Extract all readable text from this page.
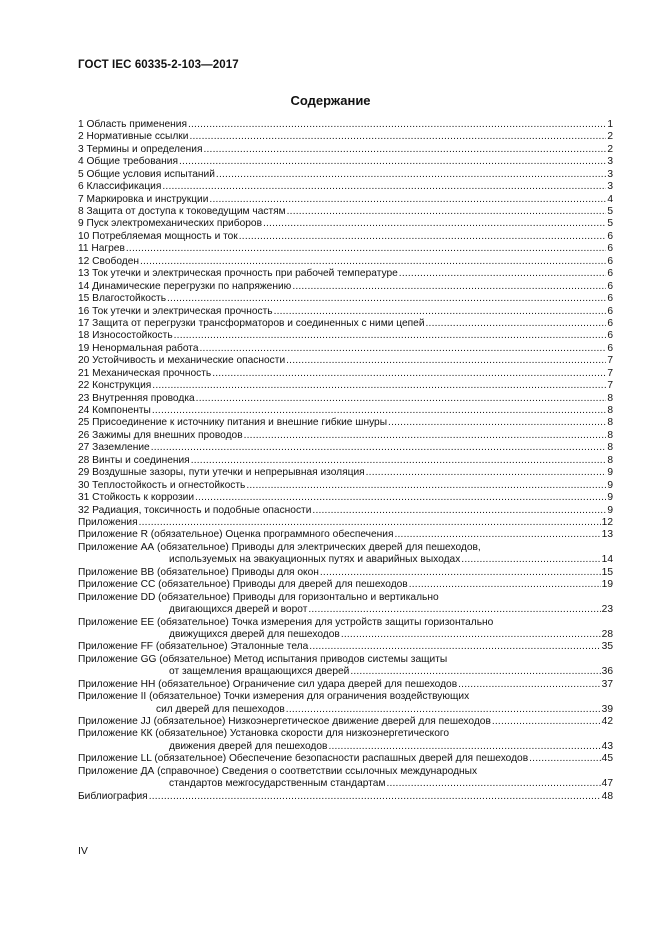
ГОСТ IEC 60335-2-103—2017
Содержание
1 Область применения .....	1
2 Нормативные ссылки .....	2
3 Термины и определения .....	2
4 Общие требования .....	3
5 Общие условия испытаний .....	3
6 Классификация .....	3
7 Маркировка и инструкции .....	4
8 Защита от доступа к токоведущим частям .....	5
9 Пуск электромеханических приборов .....	5
10 Потребляемая мощность и ток .....	6
11 Нагрев .....	6
12 Свободен .....	6
13 Ток утечки и электрическая прочность при рабочей температуре .....	6
14 Динамические перегрузки по напряжению .....	6
15 Влагостойкость .....	6
16 Ток утечки и электрическая прочность .....	6
17 Защита от перегрузки трансформаторов и соединенных с ними цепей .....	6
18 Износостойкость .....	6
19 Ненормальная работа .....	6
20 Устойчивость и механические опасности .....	7
21 Механическая прочность .....	7
22 Конструкция .....	7
23 Внутренняя проводка .....	8
24 Компоненты .....	8
25 Присоединение к источнику питания и внешние гибкие шнуры .....	8
26 Зажимы для внешних проводов .....	8
27 Заземление .....	8
28 Винты и соединения .....	8
29 Воздушные зазоры, пути утечки и непрерывная изоляция .....	9
30 Теплостойкость и огнестойкость .....	9
31 Стойкость к коррозии .....	9
32 Радиация, токсичность и подобные опасности .....	9
Приложения .....	12
Приложение R (обязательное) Оценка программного обеспечения .....	13
Приложение АА (обязательное) Приводы для электрических дверей для пешеходов,
используемых на эвакуационных путях и аварийных выходах .....	14
Приложение ВВ (обязательное) Приводы для окон .....	15
Приложение СС (обязательное) Приводы для дверей для пешеходов .....	19
Приложение DD (обязательное) Приводы для горизонтально и вертикально
двигающихся дверей и ворот .....	23
Приложение ЕЕ (обязательное) Точка измерения для устройств защиты горизонтально
движущихся дверей для пешеходов .....	28
Приложение FF (обязательное) Эталонные тела .....	35
Приложение GG (обязательное) Метод испытания приводов системы защиты
от защемления вращающихся дверей .....	36
Приложение НН (обязательное) Ограничение сил удара дверей для пешеходов .....	37
Приложение II (обязательное) Точки измерения для ограничения воздействующих
сил дверей для пешеходов .....	39
Приложение JJ (обязательное) Низкоэнергетическое движение дверей для пешеходов .....	42
Приложение КК (обязательное) Установка скорости для низкоэнергетического
движения дверей для пешеходов .....	43
Приложение LL (обязательное) Обеспечение безопасности распашных дверей для пешеходов .....	45
Приложение ДА (справочное) Сведения о соответствии ссылочных международных
стандартов межгосударственным стандартам .....	47
Библиография .....	48
IV
